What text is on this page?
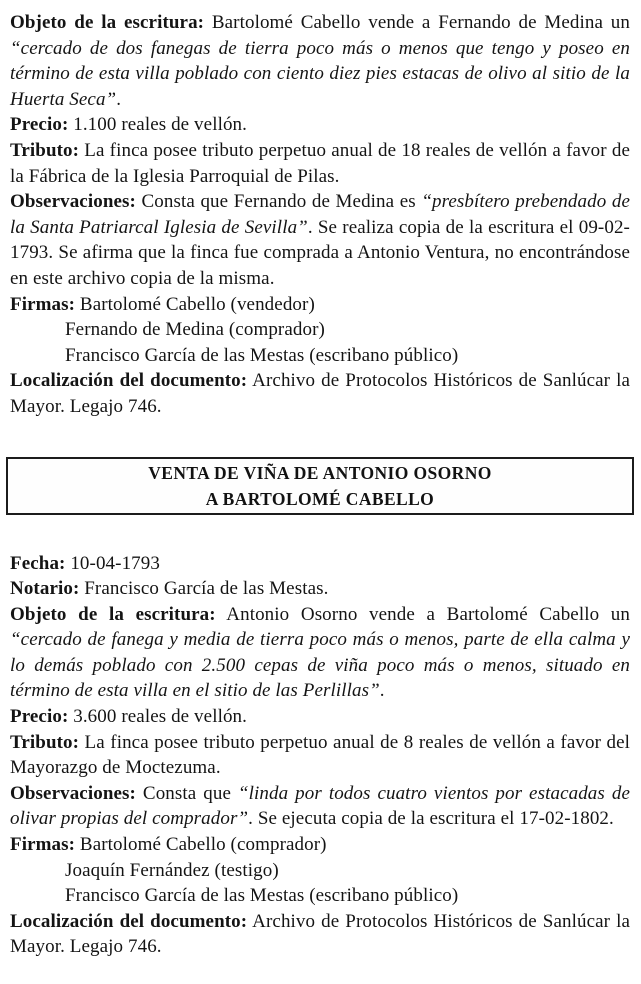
Objeto de la escritura: Bartolomé Cabello vende a Fernando de Medina un “cercado de dos fanegas de tierra poco más o menos que tengo y poseo en término de esta villa poblado con ciento diez pies estacas de olivo al sitio de la Huerta Seca”.

Precio: 1.100 reales de vellón.

Tributo: La finca posee tributo perpetuo anual de 18 reales de vellón a favor de la Fábrica de la Iglesia Parroquial de Pilas.

Observaciones: Consta que Fernando de Medina es “presbítero prebendado de la Santa Patriarcal Iglesia de Sevilla”. Se realiza copia de la escritura el 09-02-1793. Se afirma que la finca fue comprada a Antonio Ventura, no encontrándose en este archivo copia de la misma.

Firmas: Bartolomé Cabello (vendedor)

Fernando de Medina (comprador)

Francisco García de las Mestas (escribano público)

Localización del documento: Archivo de Protocolos Históricos de Sanlúcar la Mayor. Legajo 746.

VENTA DE VIÑA DE ANTONIO OSORNO
A BARTOLOMÉ CABELLO

Fecha: 10-04-1793

Notario: Francisco García de las Mestas.

Objeto de la escritura: Antonio Osorno vende a Bartolomé Cabello un “cercado de fanega y media de tierra poco más o menos, parte de ella calma y lo demás poblado con 2.500 cepas de viña poco más o menos, situado en término de esta villa en el sitio de las Perlillas”.

Precio: 3.600 reales de vellón.

Tributo: La finca posee tributo perpetuo anual de 8 reales de vellón a favor del Mayorazgo de Moctezuma.

Observaciones: Consta que “linda por todos cuatro vientos por estacadas de olivar propias del comprador”. Se ejecuta copia de la escritura el 17-02-1802.

Firmas: Bartolomé Cabello (comprador)

Joaquín Fernández (testigo)

Francisco García de las Mestas (escribano público)

Localización del documento: Archivo de Protocolos Históricos de Sanlúcar la Mayor. Legajo 746.
